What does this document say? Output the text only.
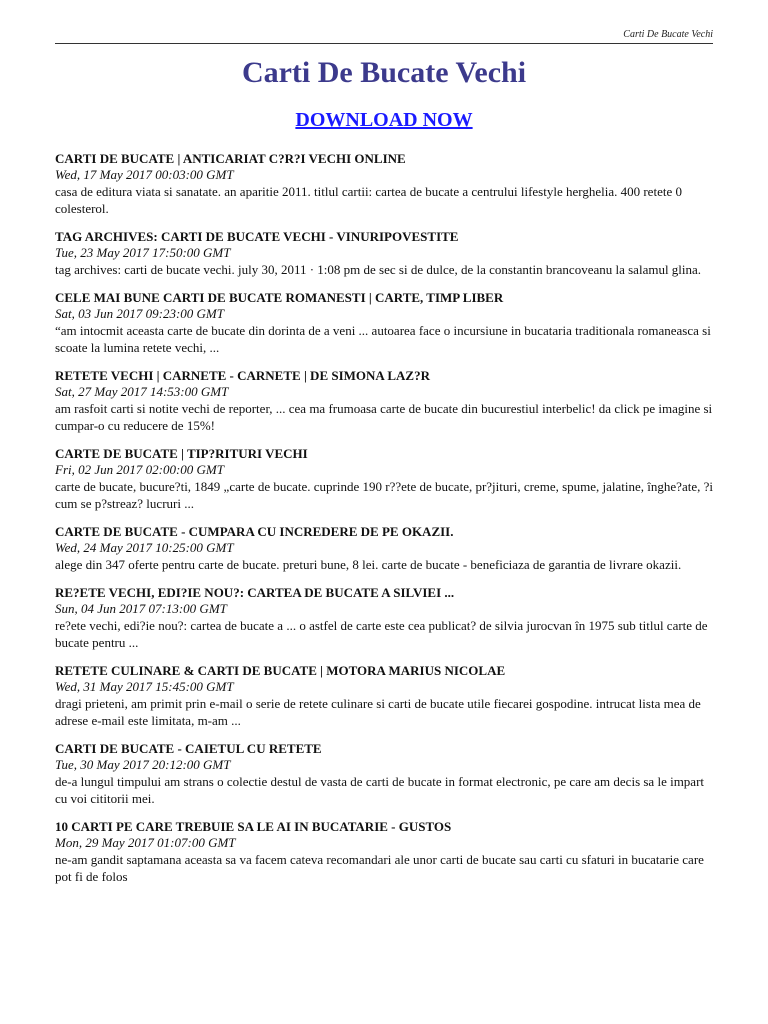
Carti De Bucate Vechi
Carti De Bucate Vechi
DOWNLOAD NOW
CARTI DE BUCATE | ANTICARIAT C?R?I VECHI ONLINE
Wed, 17 May 2017 00:03:00 GMT
casa de editura viata si sanatate. an aparitie 2011. titlul cartii: cartea de bucate a centrului lifestyle herghelia. 400 retete 0 colesterol.
TAG ARCHIVES: CARTI DE BUCATE VECHI - VINURIPOVESTITE
Tue, 23 May 2017 17:50:00 GMT
tag archives: carti de bucate vechi. july 30, 2011 · 1:08 pm de sec si de dulce, de la constantin brancoveanu la salamul glina.
CELE MAI BUNE CARTI DE BUCATE ROMANESTI | CARTE, TIMP LIBER
Sat, 03 Jun 2017 09:23:00 GMT
“am intocmit aceasta carte de bucate din dorinta de a veni ... autoarea face o incursiune in bucataria traditionala romaneasca si scoate la lumina retete vechi, ...
RETETE VECHI | CARNETE - CARNETE | DE SIMONA LAZ?R
Sat, 27 May 2017 14:53:00 GMT
am rasfoit carti si notite vechi de reporter, ... cea ma frumoasa carte de bucate din bucurestiul interbelic! da click pe imagine si cumpar-o cu reducere de 15%!
CARTE DE BUCATE | TIP?RITURI VECHI
Fri, 02 Jun 2017 02:00:00 GMT
carte de bucate, bucure?ti, 1849 „carte de bucate. cuprinde 190 r??ete de bucate, pr?jituri, creme, spume, jalatine, înghe?ate, ?i cum se p?streaz? lucruri ...
CARTE DE BUCATE - CUMPARA CU INCREDERE DE PE OKAZII.
Wed, 24 May 2017 10:25:00 GMT
alege din 347 oferte pentru carte de bucate. preturi bune, 8 lei. carte de bucate - beneficiaza de garantia de livrare okazii.
RE?ETE VECHI, EDI?IE NOU?: CARTEA DE BUCATE A SILVIEI ...
Sun, 04 Jun 2017 07:13:00 GMT
re?ete vechi, edi?ie nou?: cartea de bucate a ... o astfel de carte este cea publicat? de silvia jurocvan în 1975 sub titlul carte de bucate pentru ...
RETETE CULINARE & CARTI DE BUCATE | MOTORA MARIUS NICOLAE
Wed, 31 May 2017 15:45:00 GMT
dragi prieteni, am primit prin e-mail o serie de retete culinare si carti de bucate utile fiecarei gospodine. intrucat lista mea de adrese e-mail este limitata, m-am ...
CARTI DE BUCATE - CAIETUL CU RETETE
Tue, 30 May 2017 20:12:00 GMT
de-a lungul timpului am strans o colectie destul de vasta de carti de bucate in format electronic, pe care am decis sa le impart cu voi cititorii mei.
10 CARTI PE CARE TREBUIE SA LE AI IN BUCATARIE - GUSTOS
Mon, 29 May 2017 01:07:00 GMT
ne-am gandit saptamana aceasta sa va facem cateva recomandari ale unor carti de bucate sau carti cu sfaturi in bucatarie care pot fi de folos
